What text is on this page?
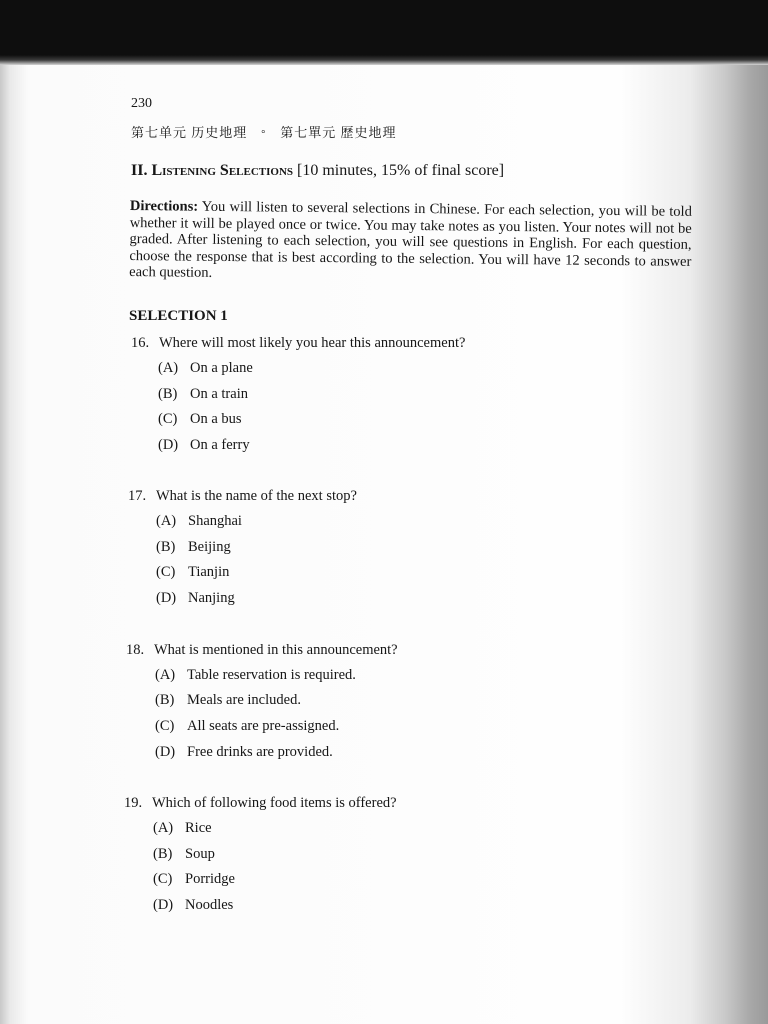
230
第七单元 历史地理 ° 第七單元 歷史地理
II. Listening Selections [10 minutes, 15% of final score]
Directions: You will listen to several selections in Chinese. For each selection, you will be told whether it will be played once or twice. You may take notes as you listen. Your notes will not be graded. After listening to each selection, you will see questions in English. For each question, choose the response that is best according to the selection. You will have 12 seconds to answer each question.
SELECTION 1
16. Where will most likely you hear this announcement?
(A) On a plane
(B) On a train
(C) On a bus
(D) On a ferry
17. What is the name of the next stop?
(A) Shanghai
(B) Beijing
(C) Tianjin
(D) Nanjing
18. What is mentioned in this announcement?
(A) Table reservation is required.
(B) Meals are included.
(C) All seats are pre-assigned.
(D) Free drinks are provided.
19. Which of following food items is offered?
(A) Rice
(B) Soup
(C) Porridge
(D) Noodles
